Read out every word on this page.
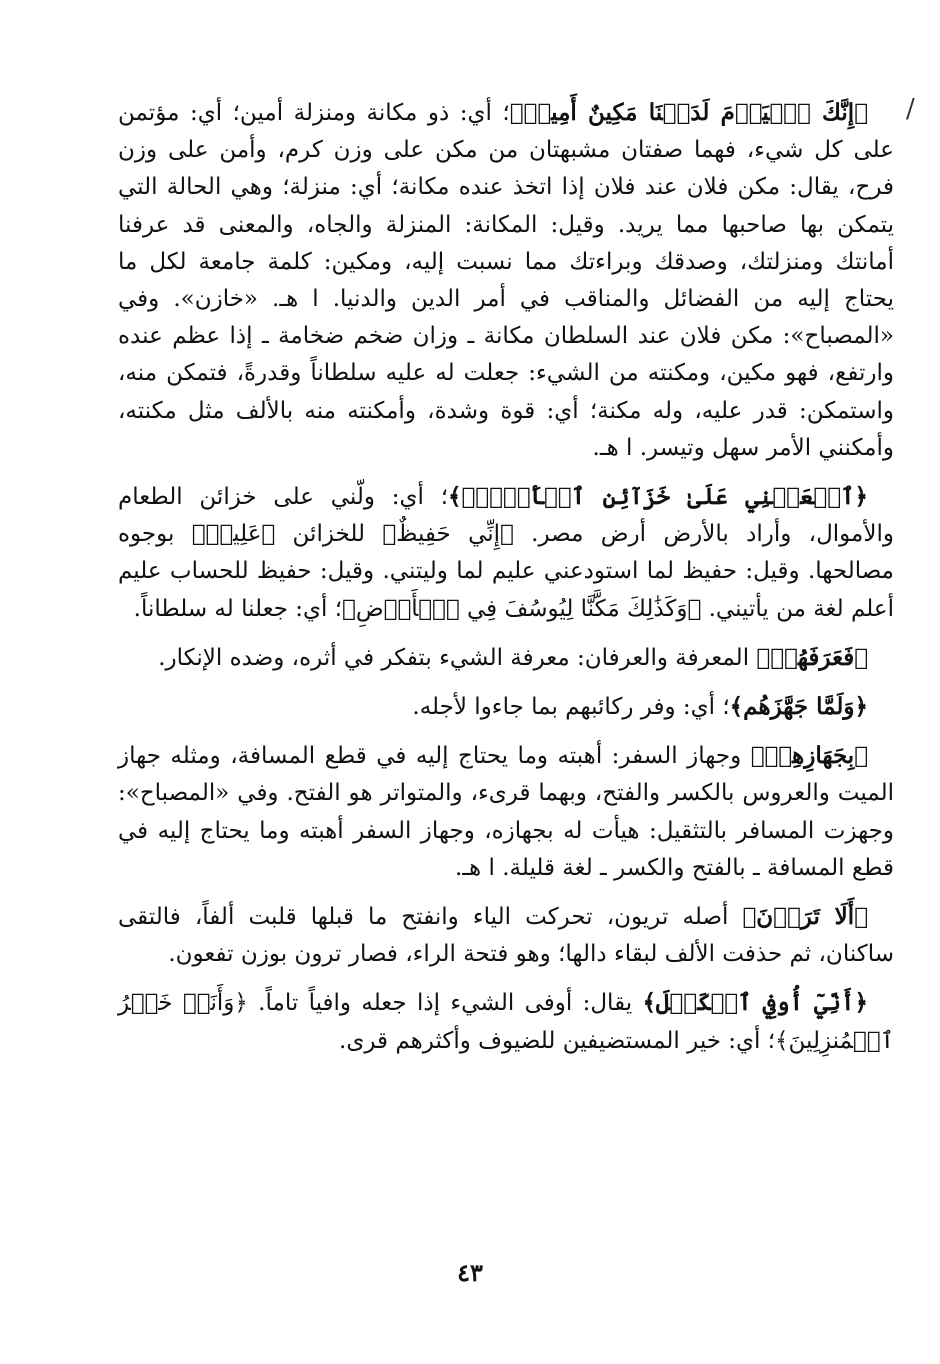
/

﴿إِنَّكَ ٱلۡيَوۡمَ لَدَيۡنَا مَكِينٌ أَمِينٞ﴾؛ أي: ذو مكانة ومنزلة أمين؛ أي: مؤتمن على كل شيء، فهما صفتان مشبهتان من مكن على وزن كرم، وأمن على وزن فرح، يقال: مكن فلان عند فلان إذا اتخذ عنده مكانة؛ أي: منزلة؛ وهي الحالة التي يتمكن بها صاحبها مما يريد. وقيل: المكانة: المنزلة والجاه، والمعنى قد عرفنا أمانتك ومنزلتك، وصدقك وبراءتك مما نسبت إليه، ومكين: كلمة جامعة لكل ما يحتاج إليه من الفضائل والمناقب في أمر الدين والدنيا. ا هـ. «خازن». وفي «المصباح»: مكن فلان عند السلطان مكانة ـ وزان ضخم ضخامة ـ إذا عظم عنده وارتفع، فهو مكين، ومكنته من الشيء: جعلت له عليه سلطاناً وقدرةً، فتمكن منه، واستمكن: قدر عليه، وله مكنة؛ أي: قوة وشدة، وأمكنته منه بالألف مثل مكنته، وأمكنني الأمر سهل وتيسر. ا هـ.

﴿ٱجۡعَلۡنِي عَلَىٰ خَزَآئِنِ ٱلۡأَرۡضِۖ﴾؛ أي: ولّني على خزائن الطعام والأموال، وأراد بالأرض أرض مصر. ﴿إِنِّي حَفِيظٌ﴾ للخزائن ﴿عَلِيمٞ﴾ بوجوه مصالحها. وقيل: حفيظ لما استودعني عليم لما وليتني. وقيل: حفيظ للحساب عليم أعلم لغة من يأتيني. ﴿وَكَذَٰلِكَ مَكَّنَّا لِيُوسُفَ فِي ٱلۡأَرۡضِ﴾؛ أي: جعلنا له سلطاناً.

﴿فَعَرَفَهُمۡ﴾ المعرفة والعرفان: معرفة الشيء بتفكر في أثره، وضده الإنكار.

﴿وَلَمَّا جَهَّزَهُم﴾؛ أي: وفر ركائبهم بما جاءوا لأجله.

﴿بِجَهَازِهِمۡ﴾ وجهاز السفر: أهبته وما يحتاج إليه في قطع المسافة، ومثله جهاز الميت والعروس بالكسر والفتح، وبهما قرىء، والمتواتر هو الفتح. وفي «المصباح»: وجهزت المسافر بالتثقيل: هيأت له بجهازه، وجهاز السفر أهبته وما يحتاج إليه في قطع المسافة ـ بالفتح والكسر ـ لغة قليلة. ا هـ.

﴿أَلَا تَرَوۡنَ﴾ أصله تريون، تحركت الياء وانفتح ما قبلها قلبت ألفاً، فالتقى ساكنان، ثم حذفت الألف لبقاء دالها؛ وهو فتحة الراء، فصار ترون بوزن تفعون.

﴿أَنِّيٓ أُوفِي ٱلۡكَيۡلَ﴾ يقال: أوفى الشيء إذا جعله وافياً تاماً. ﴿وَأَنَا۠ خَيۡرُ ٱلۡمُنزِلِينَ﴾؛ أي: خير المستضيفين للضيوف وأكثرهم قرى.

٤٣
